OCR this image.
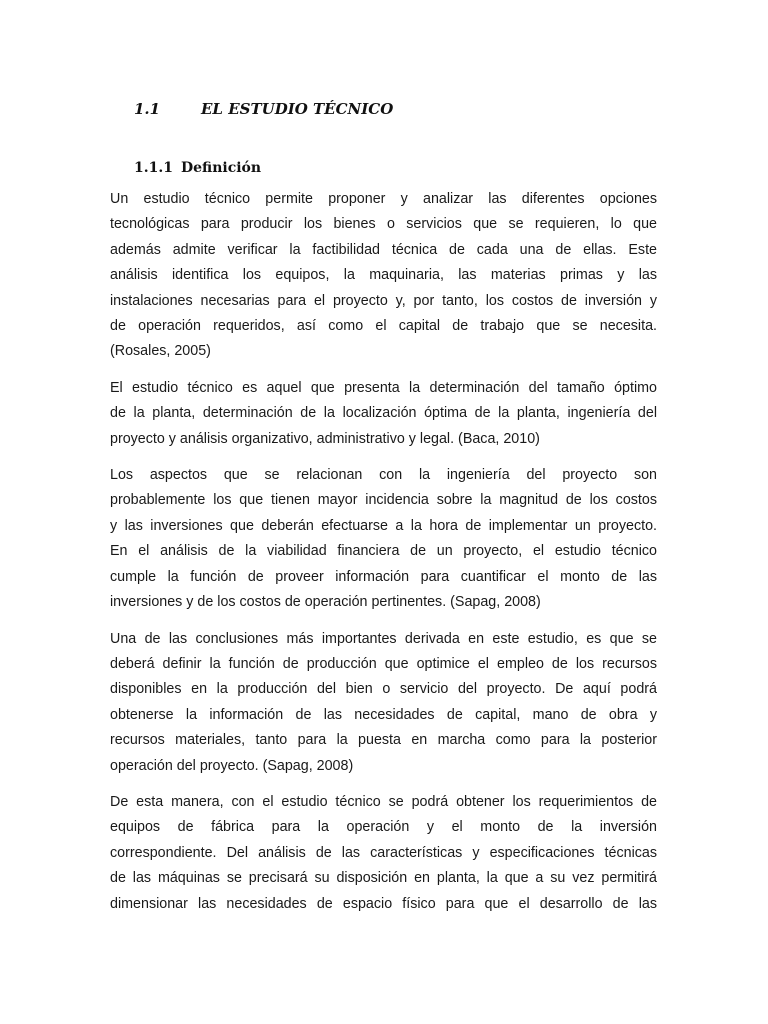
1.1	EL ESTUDIO TÉCNICO
1.1.1 Definición

Un estudio técnico permite proponer y analizar las diferentes opciones
tecnológicas para producir los bienes o servicios que se requieren, lo que
además admite verificar la factibilidad técnica de cada una de ellas. Este
análisis identifica los equipos, la maquinaria, las materias primas y las
instalaciones necesarias para el proyecto y, por tanto, los costos de inversión y
de operación requeridos, así como el capital de trabajo que se necesita.
(Rosales, 2005)

El estudio técnico es aquel que presenta la determinación del tamaño óptimo
de la planta, determinación de la localización óptima de la planta, ingeniería del
proyecto y análisis organizativo, administrativo y legal. (Baca, 2010)

Los aspectos que se relacionan con la ingeniería del proyecto son
probablemente los que tienen mayor incidencia sobre la magnitud de los costos
y las inversiones que deberán efectuarse a la hora de implementar un proyecto.
En el análisis de la viabilidad financiera de un proyecto, el estudio técnico
cumple la función de proveer información para cuantificar el monto de las
inversiones y de los costos de operación pertinentes. (Sapag, 2008)

Una de las conclusiones más importantes derivada en este estudio, es que se
deberá definir la función de producción que optimice el empleo de los recursos
disponibles en la producción del bien o servicio del proyecto. De aquí podrá
obtenerse la información de las necesidades de capital, mano de obra y
recursos materiales, tanto para la puesta en marcha como para la posterior
operación del proyecto. (Sapag, 2008)

De esta manera, con el estudio técnico se podrá obtener los requerimientos de
equipos de fábrica para la operación y el monto de la inversión
correspondiente. Del análisis de las características y especificaciones técnicas
de las máquinas se precisará su disposición en planta, la que a su vez permitirá
dimensionar las necesidades de espacio físico para que el desarrollo de las
